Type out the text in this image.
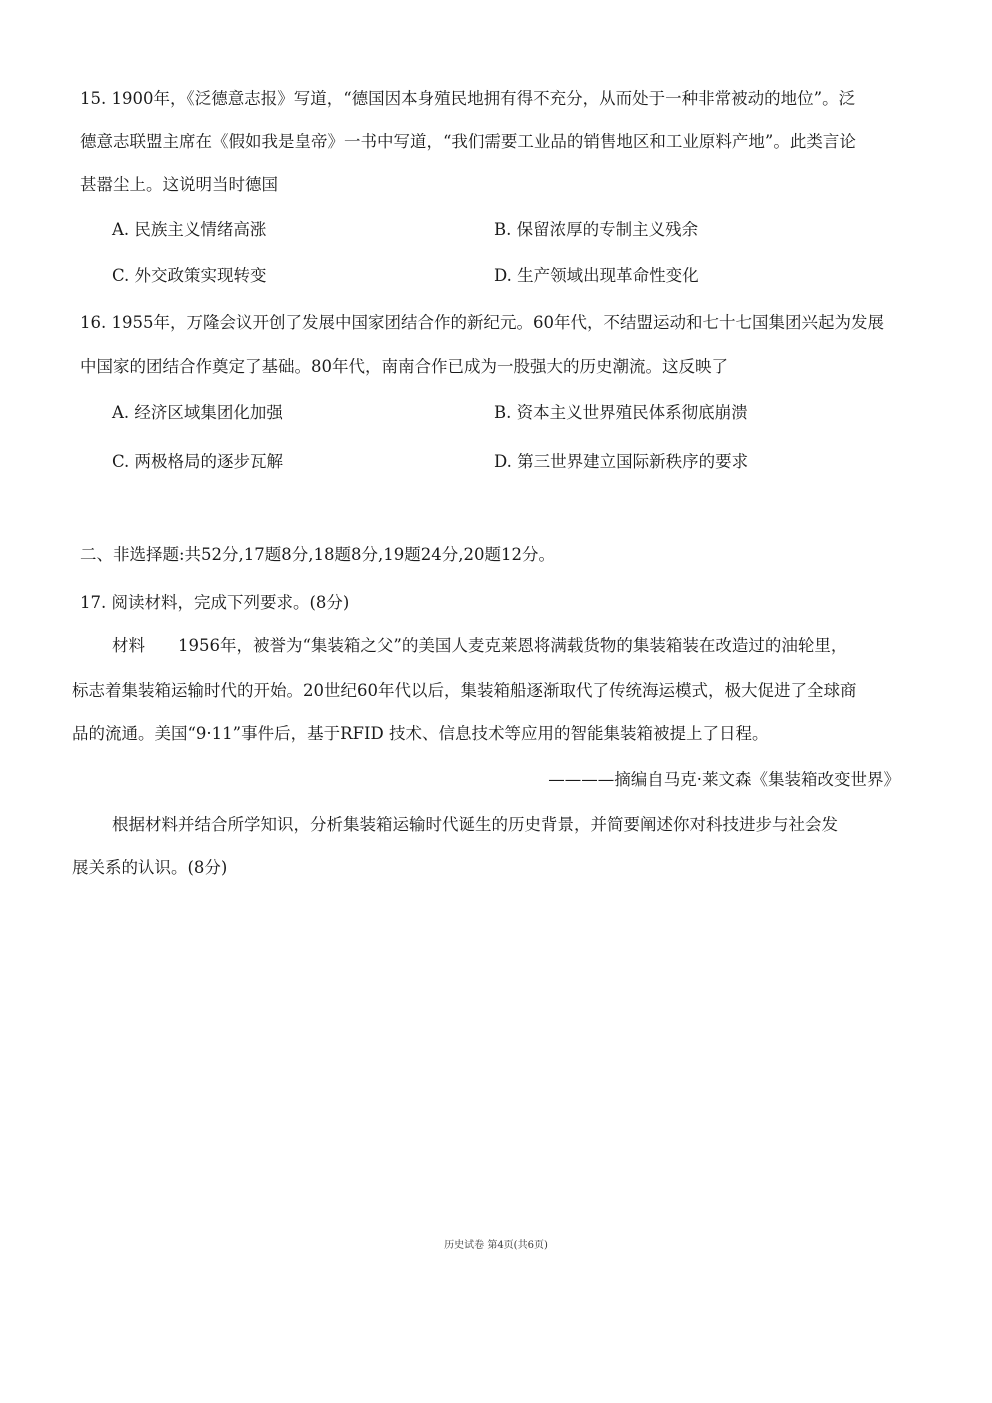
15. 1900年，《泛德意志报》写道，“德国因本身殖民地拥有得不充分，从而处于一种非常被动的地位”。泛
德意志联盟主席在《假如我是皇帝》一书中写道，“我们需要工业品的销售地区和工业原料产地”。此类言论
甚嚣尘上。这说明当时德国
A. 民族主义情绪高涨	B. 保留浓厚的专制主义残余
C. 外交政策实现转变	D. 生产领域出现革命性变化
16. 1955年，万隆会议开创了发展中国家团结合作的新纪元。60年代，不结盟运动和七十七国集团兴起为发展
中国家的团结合作奠定了基础。80年代，南南合作已成为一股强大的历史潮流。这反映了
A. 经济区域集团化加强	B. 资本主义世界殖民体系彻底崩溃
C. 两极格局的逐步瓦解	D. 第三世界建立国际新秩序的要求
二、非选择题:共52分,17题8分,18题8分,19题24分,20题12分。
17. 阅读材料，完成下列要求。(8分)
材料　　1956年，被誉为“集装箱之父”的美国人麦克莱恩将满载货物的集装箱装在改造过的油轮里，
标志着集装箱运输时代的开始。20世纪60年代以后，集装箱船逐渐取代了传统海运模式，极大促进了全球商
品的流通。美国“9·11”事件后，基于RFID 技术、信息技术等应用的智能集装箱被提上了日程。
————摘编自马克·莱文森《集装箱改变世界》
根据材料并结合所学知识，分析集装箱运输时代诞生的历史背景，并简要阐述你对科技进步与社会发
展关系的认识。(8分)
历史试卷 第4页(共6页)
